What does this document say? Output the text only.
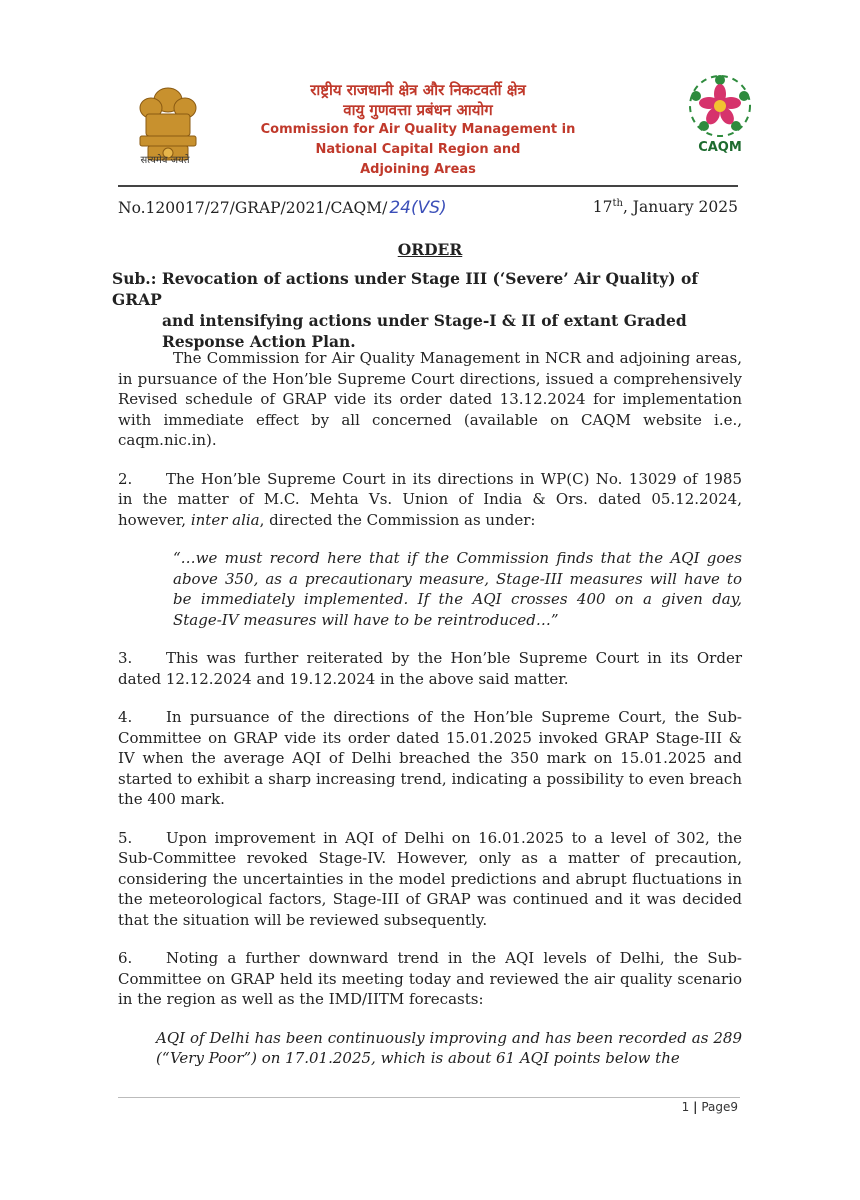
सत्यमेव जयते
राष्ट्रीय राजधानी क्षेत्र और निकटवर्ती क्षेत्र
वायु गुणवत्ता प्रबंधन आयोग
Commission for Air Quality Management in
National Capital Region and
Adjoining Areas
CAQM
No.120017/27/GRAP/2021/CAQM/ 24(VS)	17th, January 2025
ORDER
Sub.: Revocation of actions under Stage III (‘Severe’ Air Quality) of GRAP
and intensifying actions under Stage-I & II of extant Graded
Response Action Plan.

The Commission for Air Quality Management in NCR and adjoining areas, in pursuance of the Hon’ble Supreme Court directions, issued a comprehensively Revised schedule of GRAP vide its order dated 13.12.2024 for implementation with immediate effect by all concerned (available on CAQM website i.e., caqm.nic.in).

2. The Hon’ble Supreme Court in its directions in WP(C) No. 13029 of 1985 in the matter of M.C. Mehta Vs. Union of India & Ors. dated 05.12.2024, however, inter alia, directed the Commission as under:

“…we must record here that if the Commission finds that the AQI goes above 350, as a precautionary measure, Stage-III measures will have to be immediately implemented. If the AQI crosses 400 on a given day, Stage-IV measures will have to be reintroduced…”

3. This was further reiterated by the Hon’ble Supreme Court in its Order dated 12.12.2024 and 19.12.2024 in the above said matter.

4. In pursuance of the directions of the Hon’ble Supreme Court, the Sub-Committee on GRAP vide its order dated 15.01.2025 invoked GRAP Stage-III & IV when the average AQI of Delhi breached the 350 mark on 15.01.2025 and started to exhibit a sharp increasing trend, indicating a possibility to even breach the 400 mark.

5. Upon improvement in AQI of Delhi on 16.01.2025 to a level of 302, the Sub-Committee revoked Stage-IV. However, only as a matter of precaution, considering the uncertainties in the model predictions and abrupt fluctuations in the meteorological factors, Stage-III of GRAP was continued and it was decided that the situation will be reviewed subsequently.

6. Noting a further downward trend in the AQI levels of Delhi, the Sub-Committee on GRAP held its meeting today and reviewed the air quality scenario in the region as well as the IMD/IITM forecasts:

AQI of Delhi has been continuously improving and has been recorded as 289 (“Very Poor”) on 17.01.2025, which is about 61 AQI points below the

1 | Page9
